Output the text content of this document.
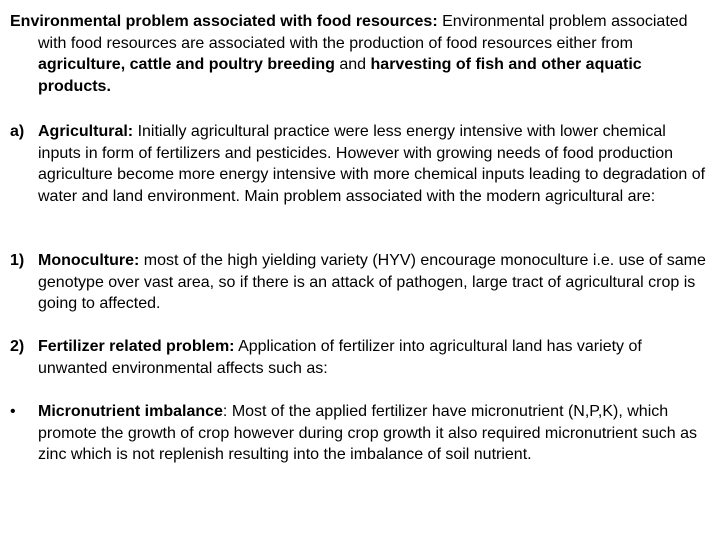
Environmental problem associated with food resources: Environmental problem associated with food resources are associated with the production of food resources either from agriculture, cattle and poultry breeding and harvesting of fish and other aquatic products.

a) Agricultural: Initially agricultural practice were less energy intensive with lower chemical inputs in form of fertilizers and pesticides. However with growing needs of food production agriculture become more energy intensive with more chemical inputs leading to degradation of water and land environment. Main problem associated with the modern agricultural are:

1) Monoculture: most of the high yielding variety (HYV) encourage monoculture i.e. use of same genotype over vast area, so if there is an attack of pathogen, large tract of agricultural crop is going to affected.

2) Fertilizer related problem: Application of fertilizer into agricultural land has variety of unwanted environmental affects such as:

• Micronutrient imbalance: Most of the applied fertilizer have micronutrient (N,P,K), which promote the growth of crop however during crop growth it also required micronutrient such as zinc which is not replenish resulting into the imbalance of soil nutrient.
